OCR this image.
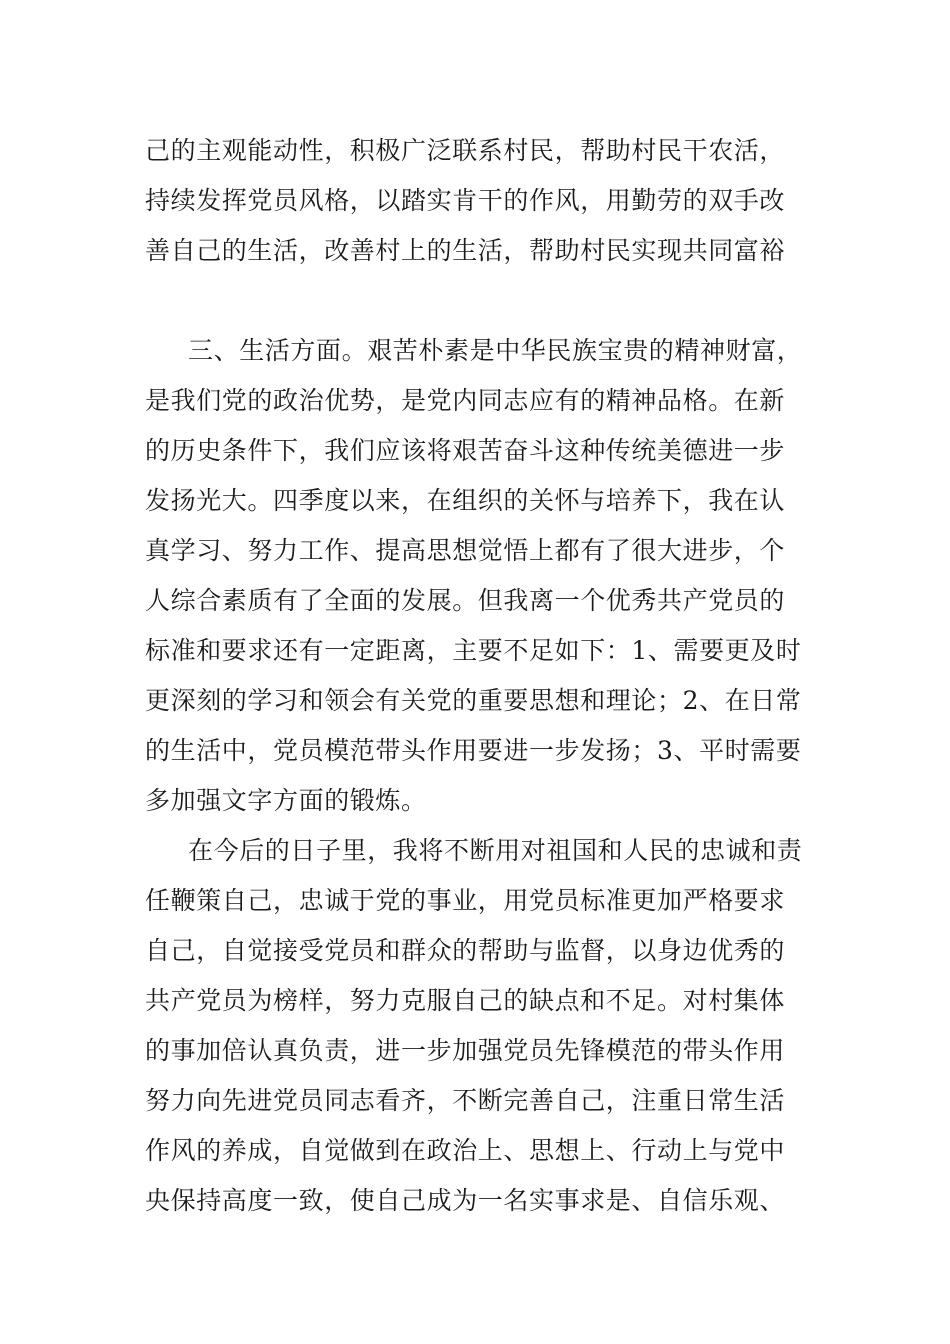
己的主观能动性，积极广泛联系村民，帮助村民干农活，
持续发挥党员风格，以踏实肯干的作风，用勤劳的双手改
善自己的生活，改善村上的生活，帮助村民实现共同富裕
三、生活方面。艰苦朴素是中华民族宝贵的精神财富，
是我们党的政治优势，是党内同志应有的精神品格。在新
的历史条件下，我们应该将艰苦奋斗这种传统美德进一步
发扬光大。四季度以来，在组织的关怀与培养下，我在认
真学习、努力工作、提高思想觉悟上都有了很大进步，个
人综合素质有了全面的发展。但我离一个优秀共产党员的
标准和要求还有一定距离，主要不足如下：1、需要更及时
更深刻的学习和领会有关党的重要思想和理论；2、在日常
的生活中，党员模范带头作用要进一步发扬；3、平时需要
多加强文字方面的锻炼。
在今后的日子里，我将不断用对祖国和人民的忠诚和责
任鞭策自己，忠诚于党的事业，用党员标准更加严格要求
自己，自觉接受党员和群众的帮助与监督，以身边优秀的
共产党员为榜样，努力克服自己的缺点和不足。对村集体
的事加倍认真负责，进一步加强党员先锋模范的带头作用
努力向先进党员同志看齐，不断完善自己，注重日常生活
作风的养成，自觉做到在政治上、思想上、行动上与党中
央保持高度一致，使自己成为一名实事求是、自信乐观、
